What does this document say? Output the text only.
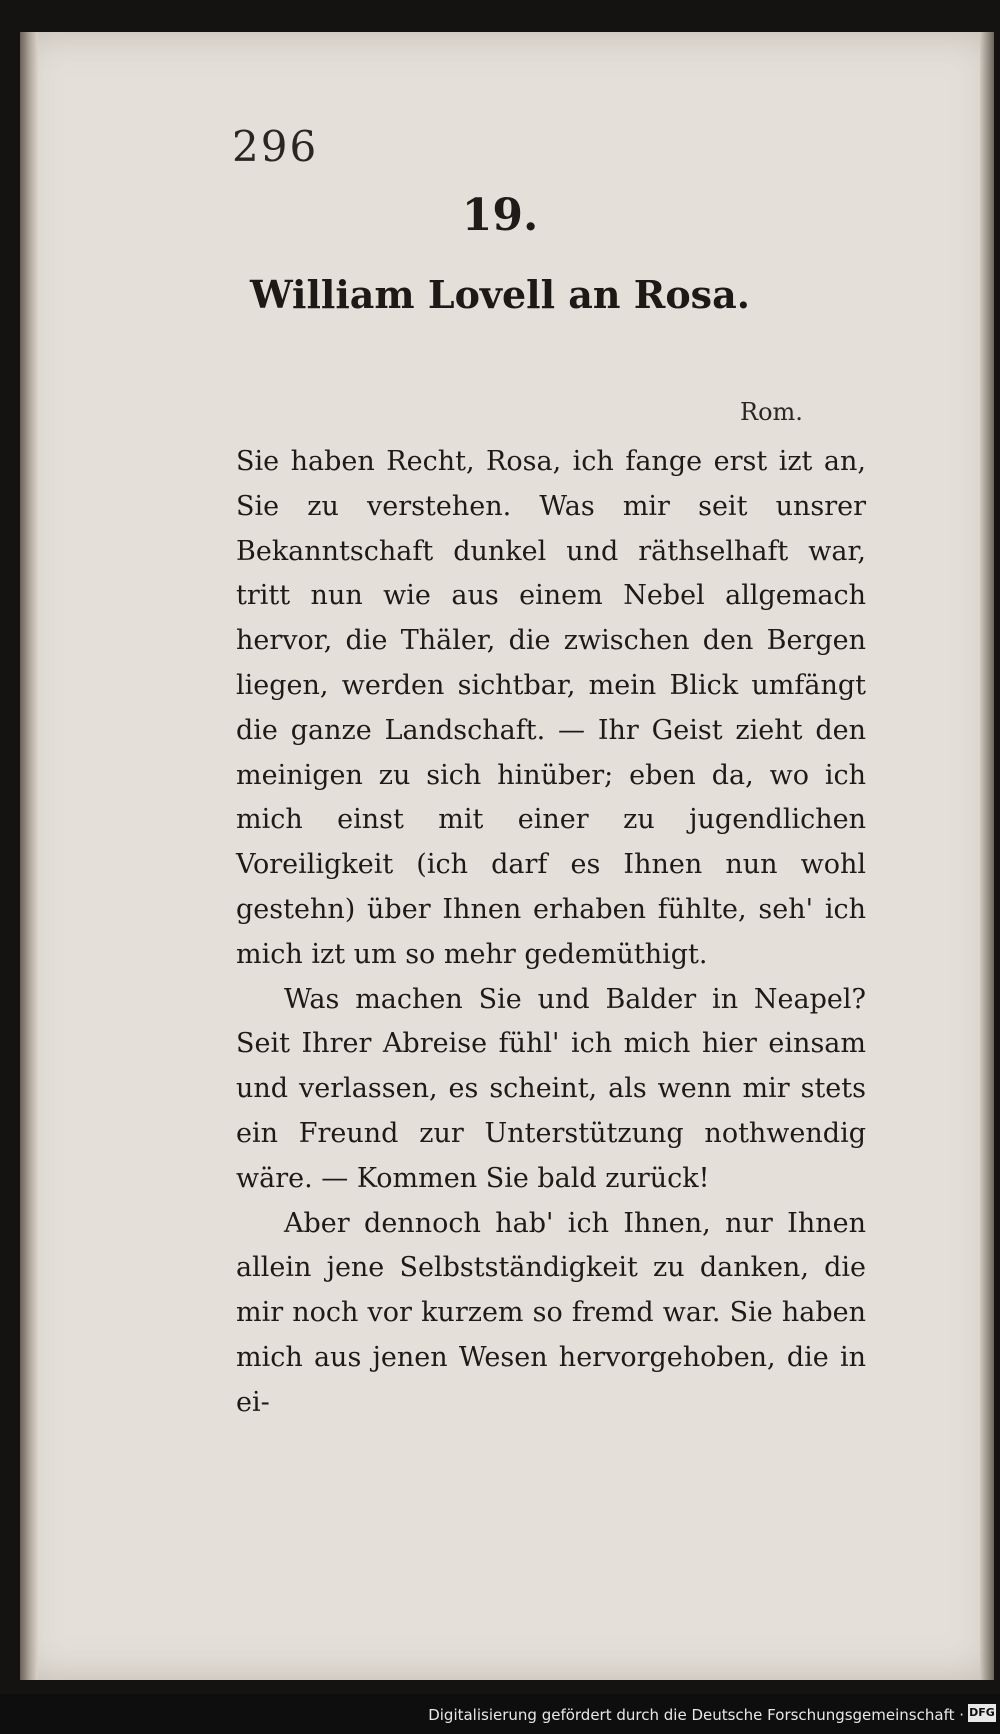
296
19.
William Lovell an Rosa.
Rom.

Sie haben Recht, Rosa, ich fange erst izt an, Sie zu verstehen. Was mir seit unsrer Bekanntschaft dunkel und räthselhaft war, tritt nun wie aus einem Nebel allgemach hervor, die Thäler, die zwischen den Bergen liegen, werden sichtbar, mein Blick umfängt die ganze Landschaft. — Ihr Geist zieht den meinigen zu sich hinüber; eben da, wo ich mich einst mit einer zu jugendlichen Voreiligkeit (ich darf es Ihnen nun wohl gestehn) über Ihnen erhaben fühlte, seh' ich mich izt um so mehr gedemüthigt.

Was machen Sie und Balder in Neapel? Seit Ihrer Abreise fühl' ich mich hier einsam und verlassen, es scheint, als wenn mir stets ein Freund zur Unterstützung nothwendig wäre. — Kommen Sie bald zurück!

Aber dennoch hab' ich Ihnen, nur Ihnen allein jene Selbstständigkeit zu danken, die mir noch vor kurzem so fremd war. Sie haben mich aus jenen Wesen hervorgehoben, die in ei-

Digitalisierung gefördert durch die Deutsche Forschungsgemeinschaft · DFG
